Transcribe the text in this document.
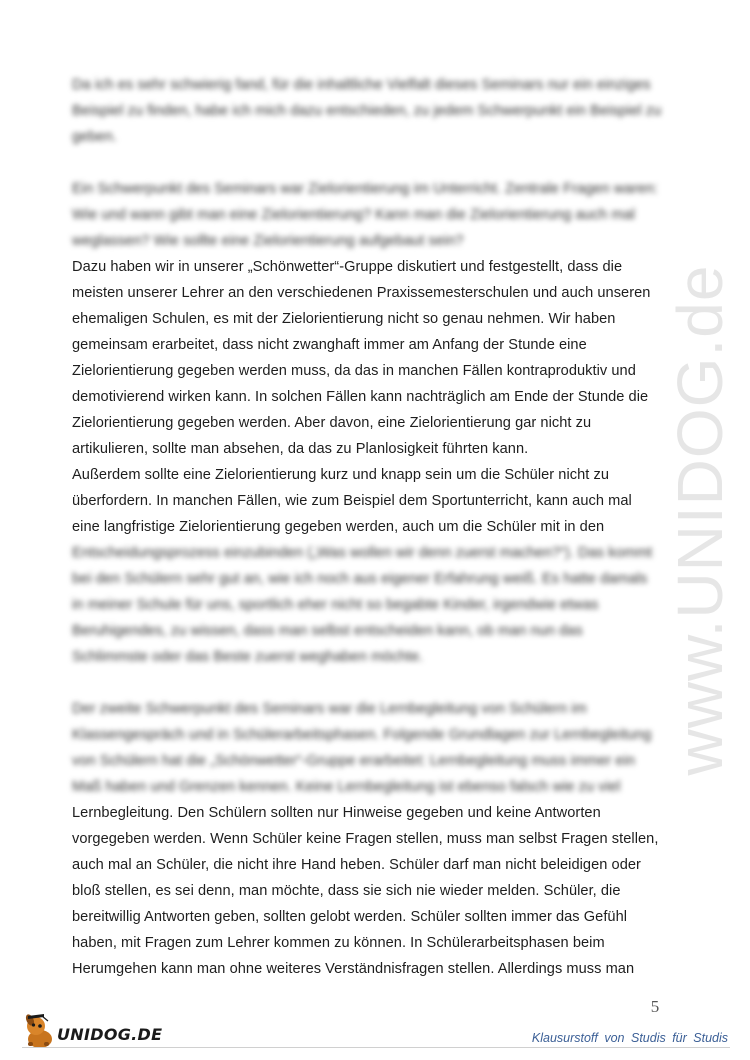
www.UNIDOG.de
Da ich es sehr schwierig fand, für die inhaltliche Vielfalt dieses Seminars nur ein einziges
Beispiel zu finden, habe ich mich dazu entschieden, zu jedem Schwerpunkt ein Beispiel zu
geben.
Ein Schwerpunkt des Seminars war Zielorientierung im Unterricht. Zentrale Fragen waren:
Wie und wann gibt man eine Zielorientierung? Kann man die Zielorientierung auch mal
weglassen? Wie sollte eine Zielorientierung aufgebaut sein?
Dazu haben wir in unserer „Schönwetter“-Gruppe diskutiert und festgestellt, dass die
meisten unserer Lehrer an den verschiedenen Praxissemesterschulen und auch unseren
ehemaligen Schulen, es mit der Zielorientierung nicht so genau nehmen. Wir haben
gemeinsam erarbeitet, dass nicht zwanghaft immer am Anfang der Stunde eine
Zielorientierung gegeben werden muss, da das in manchen Fällen kontraproduktiv und
demotivierend wirken kann. In solchen Fällen kann nachträglich am Ende der Stunde die
Zielorientierung gegeben werden. Aber davon, eine Zielorientierung gar nicht zu
artikulieren, sollte man absehen, da das zu Planlosigkeit führten kann.
Außerdem sollte eine Zielorientierung kurz und knapp sein um die Schüler nicht zu
überfordern. In manchen Fällen, wie zum Beispiel dem Sportunterricht, kann auch mal
eine langfristige Zielorientierung gegeben werden, auch um die Schüler mit in den
Entscheidungsprozess einzubinden („Was wollen wir denn zuerst machen?“). Das kommt
bei den Schülern sehr gut an, wie ich noch aus eigener Erfahrung weiß. Es hatte damals
in meiner Schule für uns, sportlich eher nicht so begabte Kinder, irgendwie etwas
Beruhigendes, zu wissen, dass man selbst entscheiden kann, ob man nun das
Schlimmste oder das Beste zuerst weghaben möchte.
Der zweite Schwerpunkt des Seminars war die Lernbegleitung von Schülern im
Klassengespräch und in Schülerarbeitsphasen. Folgende Grundlagen zur Lernbegleitung
von Schülern hat die „Schönwetter“-Gruppe erarbeitet: Lernbegleitung muss immer ein
Maß haben und Grenzen kennen. Keine Lernbegleitung ist ebenso falsch wie zu viel
Lernbegleitung. Den Schülern sollten nur Hinweise gegeben und keine Antworten
vorgegeben werden. Wenn Schüler keine Fragen stellen, muss man selbst Fragen stellen,
auch mal an Schüler, die nicht ihre Hand heben. Schüler darf man nicht beleidigen oder
bloß stellen, es sei denn, man möchte, dass sie sich nie wieder melden. Schüler, die
bereitwillig Antworten geben, sollten gelobt werden. Schüler sollten immer das Gefühl
haben, mit Fragen zum Lehrer kommen zu können. In Schülerarbeitsphasen beim
Herumgehen kann man ohne weiteres Verständnisfragen stellen. Allerdings muss man
5
UNIDOG.DE	Klausurstoff von Studis für Studis
